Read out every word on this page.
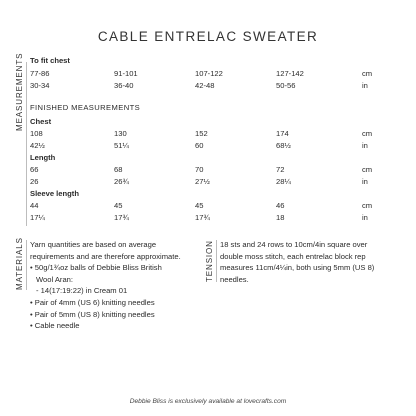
CABLE ENTRELAC SWEATER
MEASUREMENTS To fit chest
77-86	91-101	107-122	127-142	cm
30-34	36-40	42-48	50-56	in
FINISHED MEASUREMENTS
Chest
108	130	152	174	cm
42½	51¼	60	68½	in
Length
66	68	70	72	cm
26	26¾	27½	28¼	in
Sleeve length
44	45	45	46	cm
17¼	17¾	17¾	18	in
MATERIALS Yarn quantities are based on average
requirements and are therefore approximate.
• 50g/1¾oz balls of Debbie Bliss British
Wool Aran:
- 14(17:19:22) in Cream 01
• Pair of 4mm (US 6) knitting needles
• Pair of 5mm (US 8) knitting needles
• Cable needle
TENSION 18 sts and 24 rows to 10cm/4in square over
double moss stitch, each entrelac block rep
measures 11cm/4¼in, both using 5mm (US 8)
needles.
Debbie Bliss is exclusively available at lovecrafts.com
